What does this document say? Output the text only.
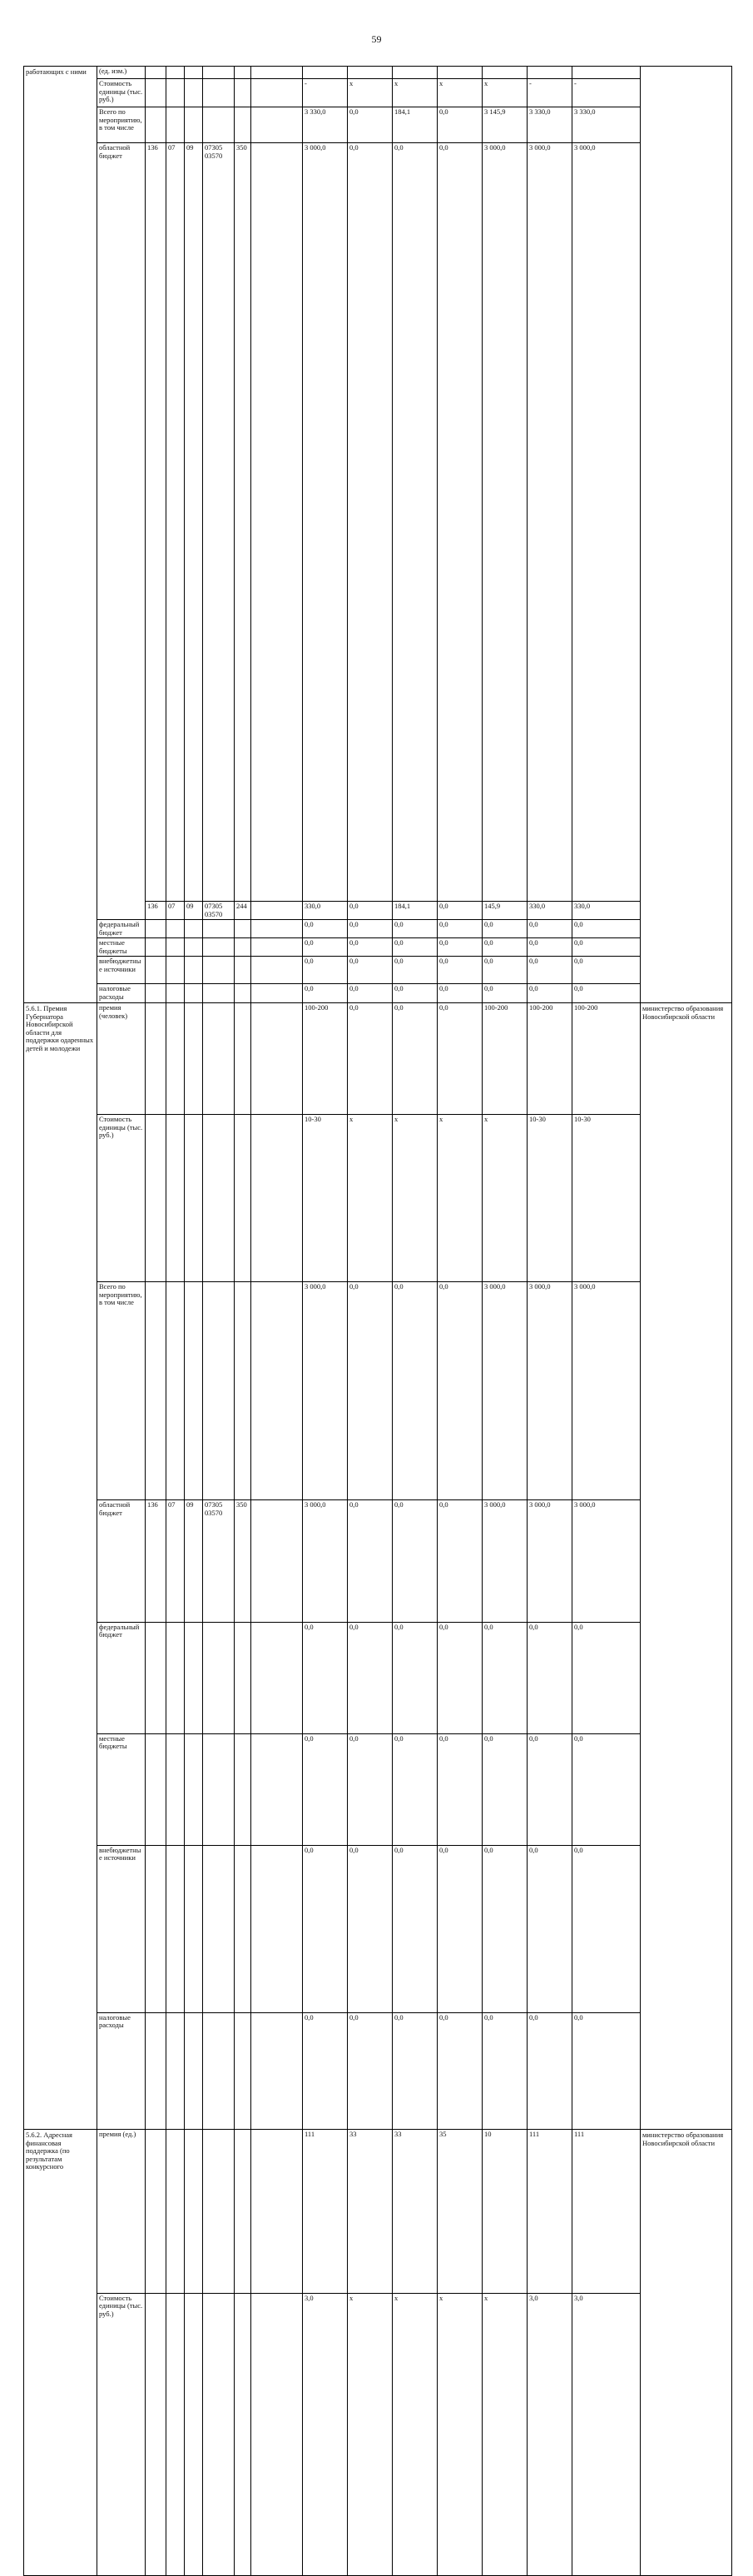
59
работающих с ними	(ед. изм.)															
	Стоимость единицы (тыс. руб.)							-	x	x	x	x	-	-		
	Всего по мероприятию, в том числе							3 330,0	0,0	184,1	0,0	3 145,9	3 330,0	3 330,0		
	областной бюджет	136	07	09	07305 03570	350		3 000,0	0,0	0,0	0,0	3 000,0	3 000,0	3 000,0		
		136	07	09	07305 03570	244		330,0	0,0	184,1	0,0	145,9	330,0	330,0		
	федеральный бюджет							0,0	0,0	0,0	0,0	0,0	0,0	0,0		
	местные бюджеты							0,0	0,0	0,0	0,0	0,0	0,0	0,0		
	внебюджетные источники							0,0	0,0	0,0	0,0	0,0	0,0	0,0		
	налоговые расходы							0,0	0,0	0,0	0,0	0,0	0,0	0,0		
5.6.1. Премия Губернатора Новосибирской области для поддержки одаренных детей и молодежи	премия (человек)							100-200	0,0	0,0	0,0	100-200	100-200	100-200	министерство образования Новосибирской области	
	Стоимость единицы (тыс. руб.)							10-30	x	x	x	x	10-30	10-30		
	Всего по мероприятию, в том числе							3 000,0	0,0	0,0	0,0	3 000,0	3 000,0	3 000,0		
	областной бюджет	136	07	09	07305 03570	350		3 000,0	0,0	0,0	0,0	3 000,0	3 000,0	3 000,0		
	федеральный бюджет							0,0	0,0	0,0	0,0	0,0	0,0	0,0		
	местные бюджеты							0,0	0,0	0,0	0,0	0,0	0,0	0,0		
	внебюджетные источники							0,0	0,0	0,0	0,0	0,0	0,0	0,0		
	налоговые расходы							0,0	0,0	0,0	0,0	0,0	0,0	0,0		
5.6.2. Адресная финансовая поддержка (по результатам конкурсного	премия (ед.)							111	33	33	35	10	111	111	министерство образования Новосибирской области	
	Стоимость единицы (тыс. руб.)							3,0	x	x	x	x	3,0	3,0		
